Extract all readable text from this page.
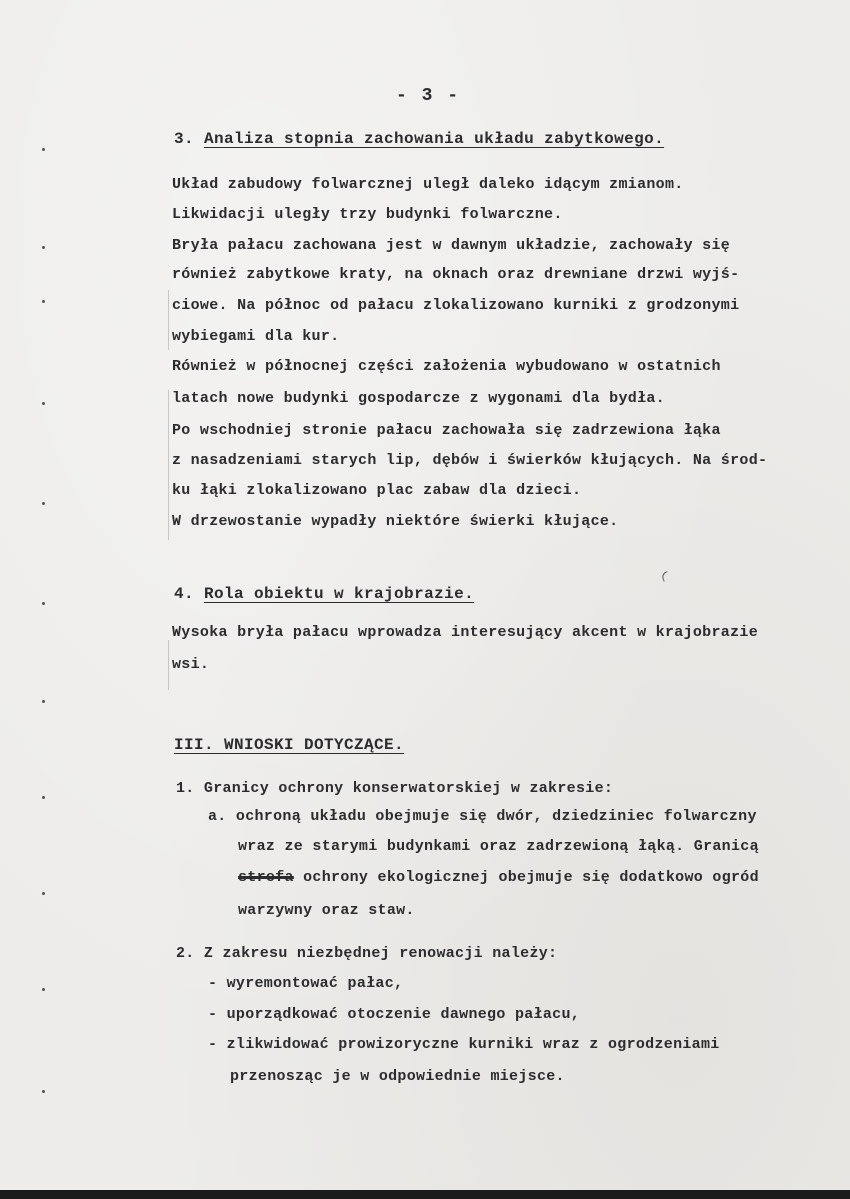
- 3 -
3. Analiza stopnia zachowania układu zabytkowego.
Układ zabudowy folwarcznej uległ daleko idącym zmianom.
Likwidacji uległy trzy budynki folwarczne.
Bryła pałacu zachowana jest w dawnym układzie, zachowały się
również zabytkowe kraty, na oknach oraz drewniane drzwi wyjś-
ciowe. Na północ od pałacu zlokalizowano kurniki z grodzonymi
wybiegami dla kur.
Również w północnej części założenia wybudowano w ostatnich
latach nowe budynki gospodarcze z wygonami dla bydła.
Po wschodniej stronie pałacu zachowała się zadrzewiona łąka
z nasadzeniami starych lip, dębów i świerków kłujących. Na środ-
ku łąki zlokalizowano plac zabaw dla dzieci.
W drzewostanie wypadły niektóre świerki kłujące.
4. Rola obiektu w krajobrazie.
Wysoka bryła pałacu wprowadza interesujący akcent w krajobrazie
wsi.
III. WNIOSKI DOTYCZĄCE.
1. Granicy ochrony konserwatorskiej w zakresie:
a. ochroną układu obejmuje się dwór, dziedziniec folwarczny
wraz ze starymi budynkami oraz zadrzewioną łąką. Granicą
strefa ochrony ekologicznej obejmuje się dodatkowo ogród
warzywny oraz staw.
2. Z zakresu niezbędnej renowacji należy:
- wyremontować pałac,
- uporządkować otoczenie dawnego pałacu,
- zlikwidować prowizoryczne kurniki wraz z ogrodzeniami
przenosząc je w odpowiednie miejsce.
